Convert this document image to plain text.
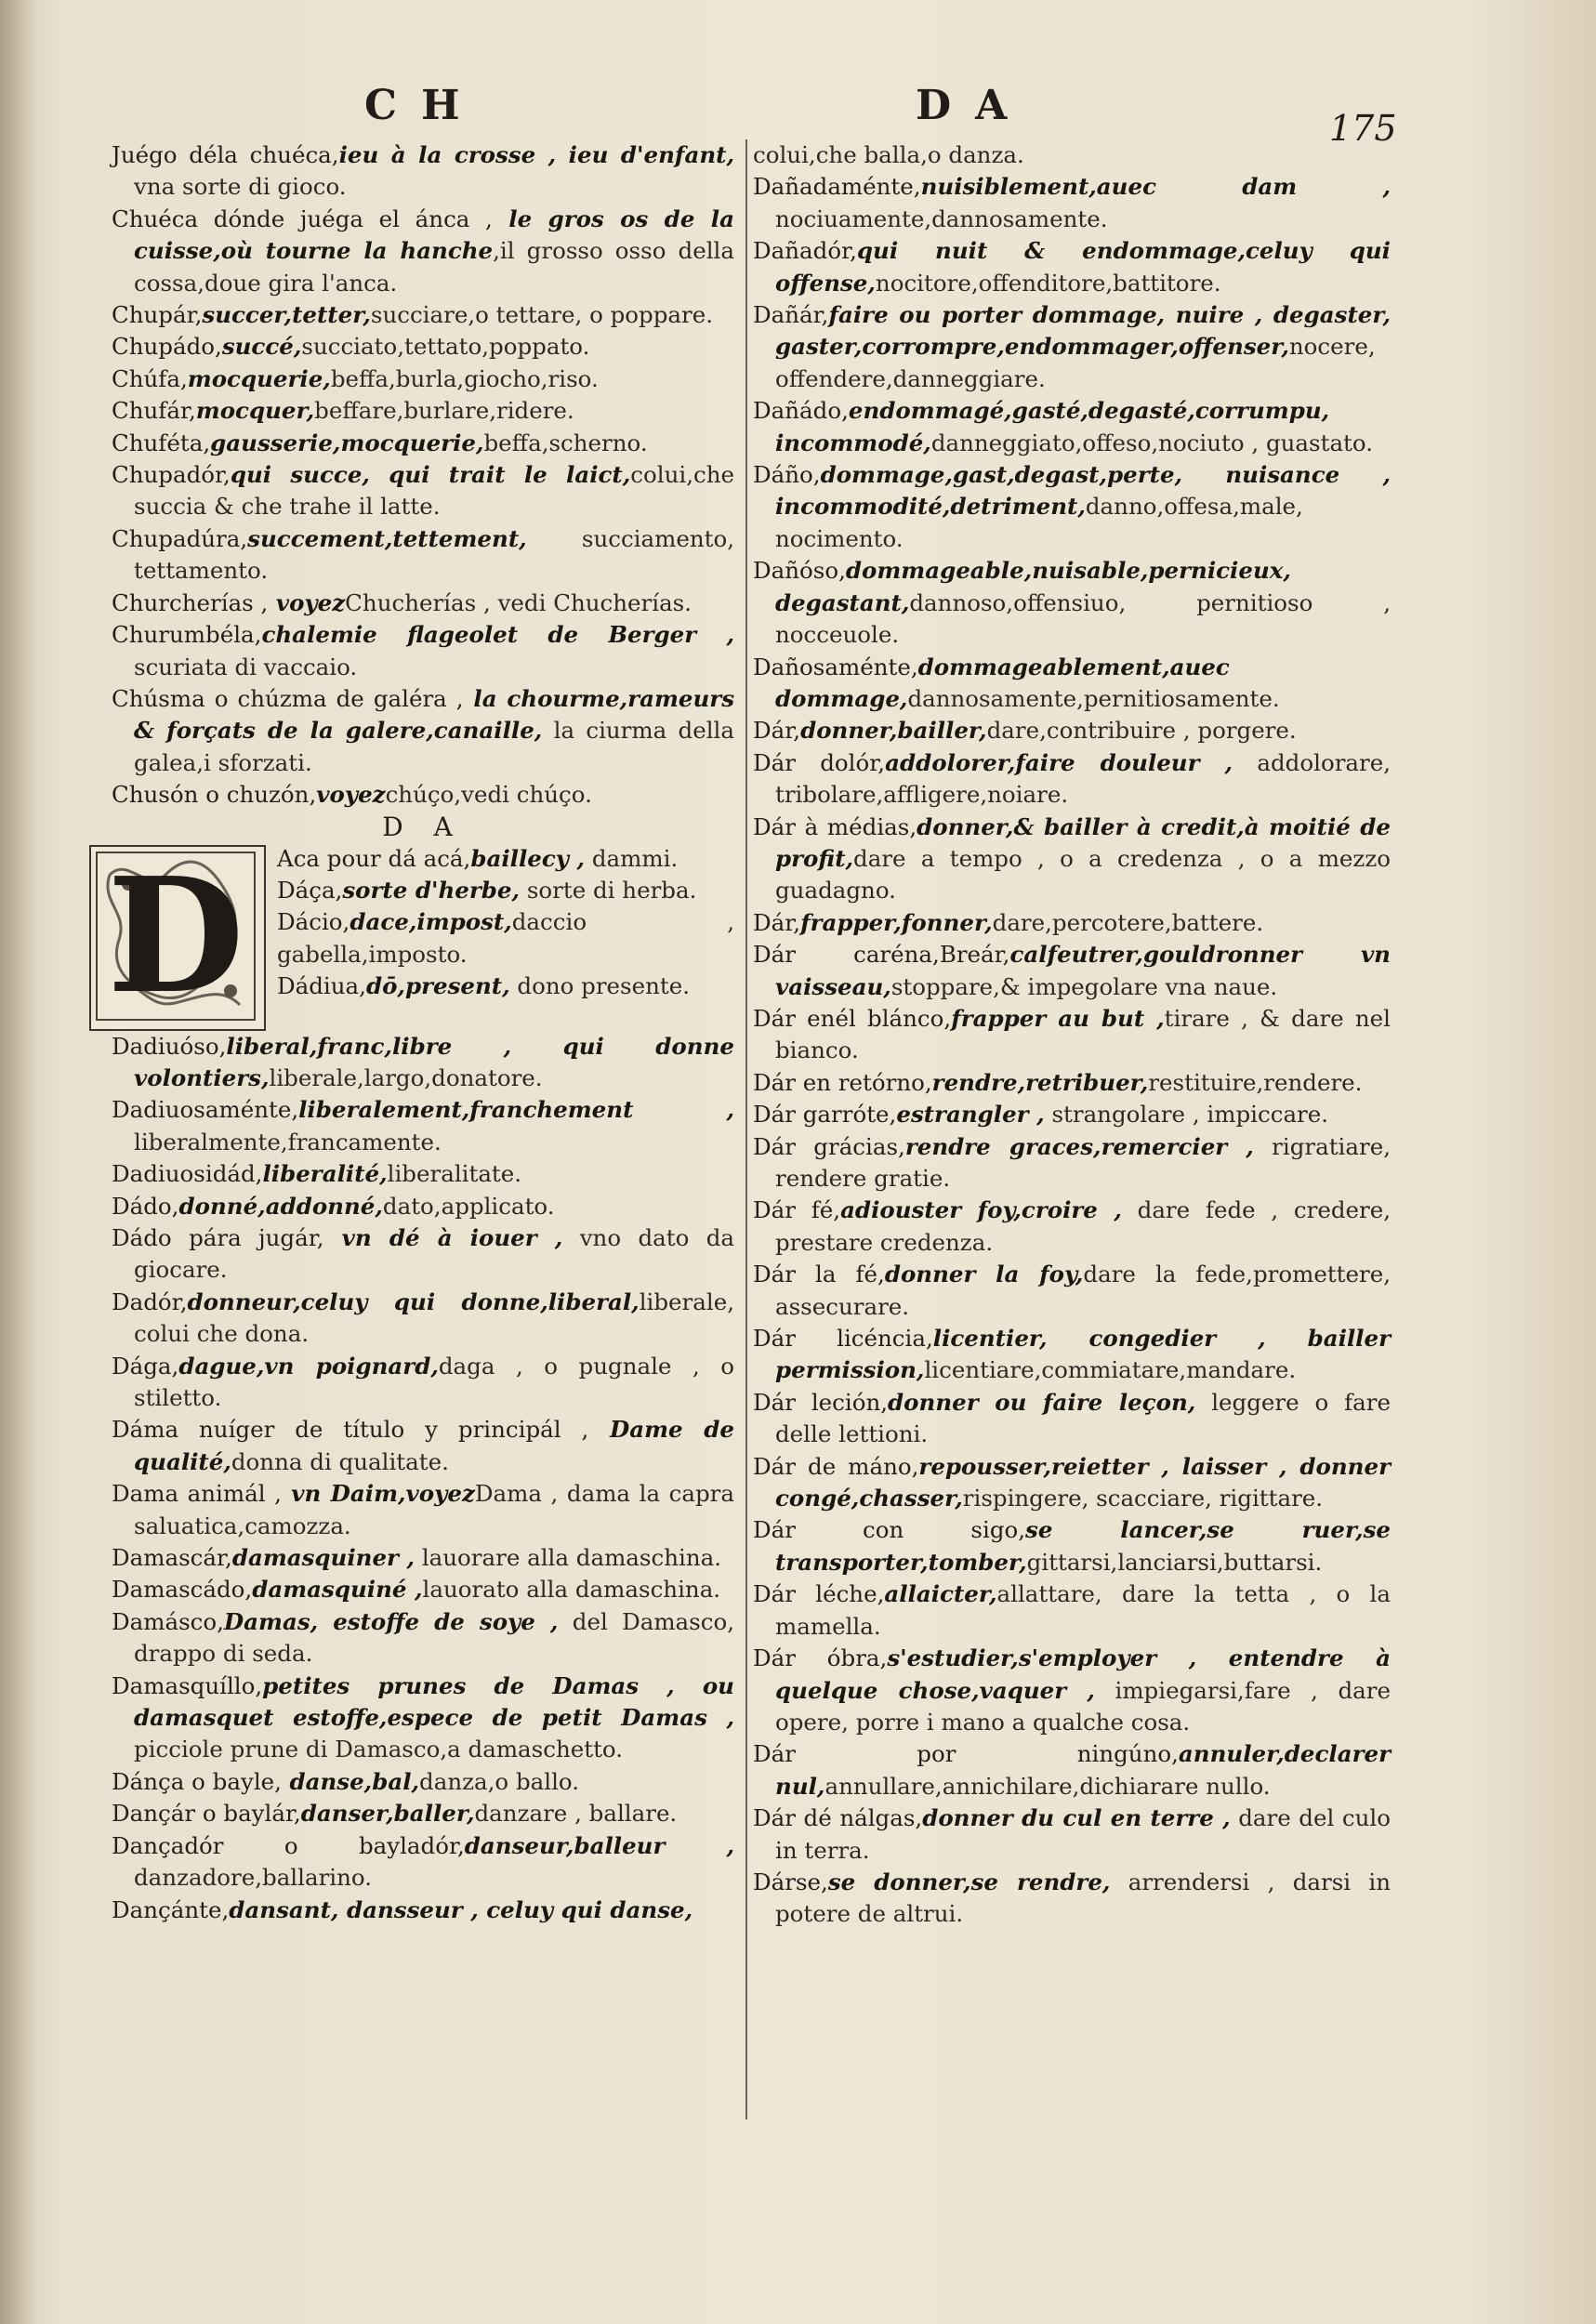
CH	DA	175

Juégo déla chuéca,ieu à la crosse , ieu d'enfant, vna sorte di gioco.

Chuéca dónde juéga el ánca , le gros os de la cuisse,où tourne la hanche,il grosso osso della cossa,doue gira l'anca.

Chupár,succer,tetter,succiare,o tettare, o poppare.

Chupádo,succé,succiato,tettato,poppato.

Chúfa,mocquerie,beffa,burla,giocho,riso.

Chufár,mocquer,beffare,burlare,ridere.

Chuféta,gausserie,mocquerie,beffa,scherno.

Chupadór,qui succe, qui trait le laict,colui,che succia & che trahe il latte.

Chupadúra,succement,tettement, succiamento, tettamento.

Churcherías , voyezChucherías , vedi Chucherías.

Churumbéla,chalemie flageolet de Berger , scuriata di vaccaio.

Chúsma o chúzma de galéra , la chourme,rameurs & forçats de la galere,canaille, la ciurma della galea,i sforzati.

Chusón o chuzón,voyezchúço,vedi chúço.

D A

D	Aca pour dá acá,baillecy , dammi.

Dáça,sorte d'herbe, sorte di herba.

Dácio,dace,impost,daccio , gabella,imposto.

Dádiua,dō,present, dono presente.

Dadiuóso,liberal,franc,libre , qui donne volontiers,liberale,largo,donatore.

Dadiuosaménte,liberalement,franchement , liberalmente,francamente.

Dadiuosidád,liberalité,liberalitate.

Dádo,donné,addonné,dato,applicato.

Dádo pára jugár, vn dé à iouer , vno dato da giocare.

Dadór,donneur,celuy qui donne,liberal,liberale, colui che dona.

Dága,dague,vn poignard,daga , o pugnale , o stiletto.

Dáma nuíger de título y principál , Dame de qualité,donna di qualitate.

Dama animál , vn Daim,voyezDama , dama la capra saluatica,camozza.

Damascár,damasquiner , lauorare alla damaschina.

Damascádo,damasquiné ,lauorato alla damaschina.

Damásco,Damas, estoffe de soye , del Damasco, drappo di seda.

Damasquíllo,petites prunes de Damas , ou damasquet estoffe,espece de petit Damas , picciole prune di Damasco,a damaschetto.

Dánça o bayle, danse,bal,danza,o ballo.

Dançár o baylár,danser,baller,danzare , ballare.

Dançadór o bayladór,danseur,balleur , danzadore,ballarino.

Dançánte,dansant, dansseur , celuy qui danse,

colui,che balla,o danza.

Dañadaménte,nuisiblement,auec dam , nociuamente,dannosamente.

Dañadór,qui nuit & endommage,celuy qui offense,nocitore,offenditore,battitore.

Dañár,faire ou porter dommage, nuire , degaster, gaster,corrompre,endommager,offenser,nocere, offendere,danneggiare.

Dañádo,endommagé,gasté,degasté,corrumpu, incommodé,danneggiato,offeso,nociuto , guastato.

Dáño,dommage,gast,degast,perte, nuisance , incommodité,detriment,danno,offesa,male, nocimento.

Dañóso,dommageable,nuisable,pernicieux, degastant,dannoso,offensiuo, pernitioso , nocceuole.

Dañosaménte,dommageablement,auec dommage,dannosamente,pernitiosamente.

Dár,donner,bailler,dare,contribuire , porgere.

Dár dolór,addolorer,faire douleur , addolorare, tribolare,affligere,noiare.

Dár à médias,donner,& bailler à credit,à moitié de profit,dare a tempo , o a credenza , o a mezzo guadagno.

Dár,frapper,fonner,dare,percotere,battere.

Dár caréna,Breár,calfeutrer,gouldronner vn vaisseau,stoppare,& impegolare vna naue.

Dár enél blánco,frapper au but ,tirare , & dare nel bianco.

Dár en retórno,rendre,retribuer,restituire,rendere.

Dár garróte,estrangler , strangolare , impiccare.

Dár grácias,rendre graces,remercier , rigratiare, rendere gratie.

Dár fé,adiouster foy,croire , dare fede , credere, prestare credenza.

Dár la fé,donner la foy,dare la fede,promettere, assecurare.

Dár licéncia,licentier, congedier , bailler permission,licentiare,commiatare,mandare.

Dár leción,donner ou faire leçon, leggere o fare delle lettioni.

Dár de máno,repousser,reietter , laisser , donner congé,chasser,rispingere, scacciare, rigittare.

Dár con sigo,se lancer,se ruer,se transporter,tomber,gittarsi,lanciarsi,buttarsi.

Dár léche,allaicter,allattare, dare la tetta , o la mamella.

Dár óbra,s'estudier,s'employer , entendre à quelque chose,vaquer , impiegarsi,fare , dare opere, porre i mano a qualche cosa.

Dár por ningúno,annuler,declarer nul,annullare,annichilare,dichiarare nullo.

Dár dé nálgas,donner du cul en terre , dare del culo in terra.

Dárse,se donner,se rendre, arrendersi , darsi in potere de altrui.
